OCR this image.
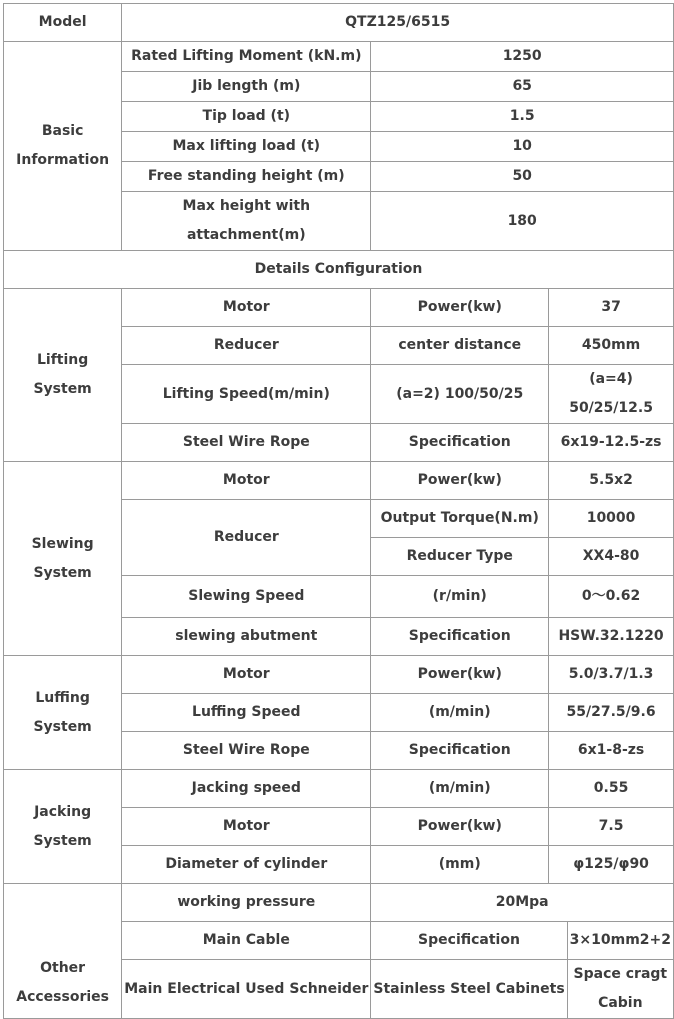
Model	QTZ125/6515			
Basic Information	Rated Lifting Moment (kN.m)	1250		
	Jib length (m)	65		
	Tip load (t)	1.5		
	Max lifting load (t)	10		
	Free standing height (m)	50		
	Max height with attachment(m)	180		
Details Configuration				
Lifting System	Motor	Power(kw)	37	
	Reducer	center distance	450mm	
	Lifting Speed(m/min)	(a=2) 100/50/25	(a=4) 50/25/12.5	
	Steel Wire Rope	Specification	6x19-12.5-zs	
Slewing System	Motor	Power(kw)	5.5x2	
	Reducer	Output Torque(N.m)	10000	
		Reducer Type	XX4-80	
	Slewing Speed	(r/min)	0～0.62	
	slewing abutment	Specification	HSW.32.1220	
Luffing System	Motor	Power(kw)	5.0/3.7/1.3	
	Luffing Speed	(m/min)	55/27.5/9.6	
	Steel Wire Rope	Specification	6x1-8-zs	
Jacking System	Jacking speed	(m/min)	0.55	
	Motor	Power(kw)	7.5	
	Diameter of cylinder	(mm)	φ125/φ90	
Other Accessories	working pressure	20Mpa		
	Main Cable	Specification		3×10mm2+2
	Main Electrical Used Schneider	Stainless Steel Cabinets		Space cragt Cabin
